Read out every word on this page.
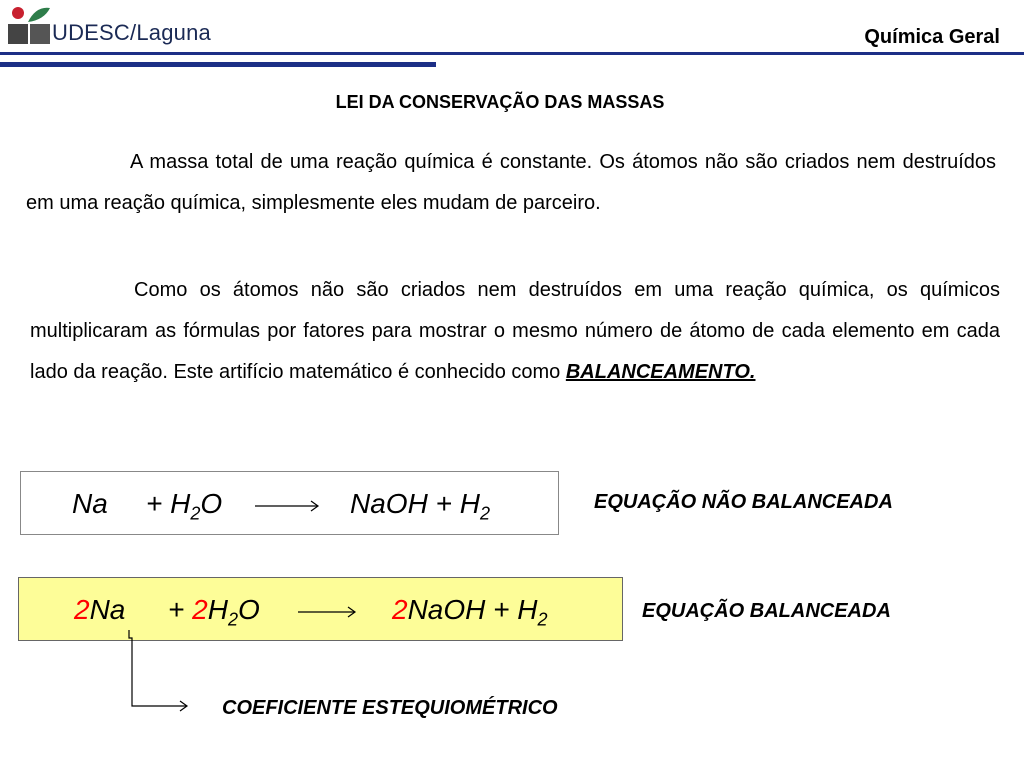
UDESC/Laguna	Química Geral
LEI DA CONSERVAÇÃO DAS MASSAS

A massa total de uma reação química é constante. Os átomos não são criados nem destruídos em uma reação química, simplesmente eles mudam de parceiro.

Como os átomos não são criados nem destruídos em uma reação química, os químicos multiplicaram as fórmulas por fatores para mostrar o mesmo número de átomo de cada elemento em cada lado da reação. Este artifício matemático é conhecido como BALANCEAMENTO.

$Na + H_2O$	NaOH + $H_2$
EQUAÇÃO NÃO BALANCEADA
$2Na + 2H_2O$	2NaOH + $H_2$	EQUAÇÃO BALANCEADA
COEFICIENTE ESTEQUIOMÉTRICO
